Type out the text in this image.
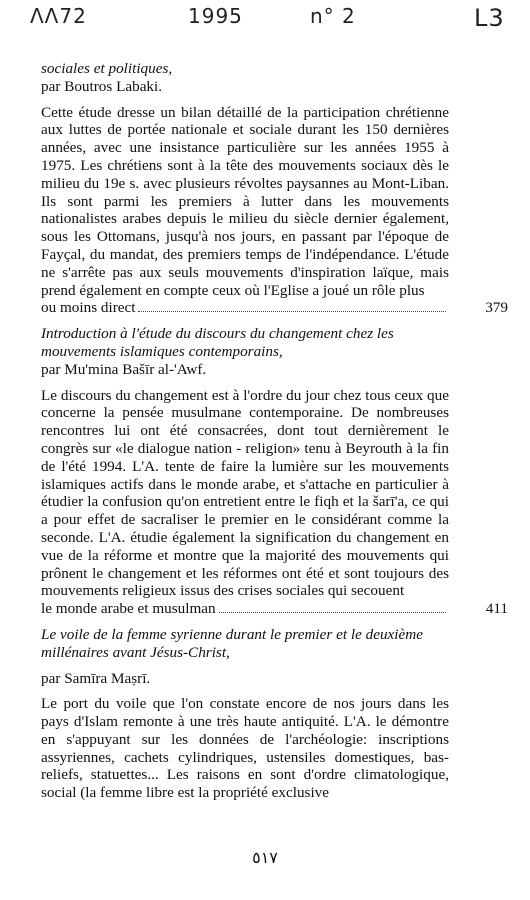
ΛΛ72	1995	n° 2	L3

sociales et politiques,

par Boutros Labaki.

Cette étude dresse un bilan détaillé de la participation chrétienne aux luttes de portée nationale et sociale durant les 150 dernières années, avec une insistance particulière sur les années 1955 à 1975. Les chrétiens sont à la tête des mouvements sociaux dès le milieu du 19e s. avec plusieurs révoltes paysannes au Mont-Liban. Ils sont parmi les premiers à lutter dans les mouvements nationalistes arabes depuis le milieu du siècle dernier également, sous les Ottomans, jusqu'à nos jours, en passant par l'époque de Fayçal, du mandat, des premiers temps de l'indépendance. L'étude ne s'arrête pas aux seuls mouvements d'inspiration laïque, mais prend également en compte ceux où l'Eglise a joué un rôle plus

ou moins direct	379

Introduction à l'étude du discours du changement chez les mouvements islamiques contemporains,

par Mu'mina Bašīr al-'Awf.

Le discours du changement est à l'ordre du jour chez tous ceux que concerne la pensée musulmane contemporaine. De nombreuses rencontres lui ont été consacrées, dont tout dernièrement le congrès sur «le dialogue nation - religion» tenu à Beyrouth à la fin de l'été 1994. L'A. tente de faire la lumière sur les mouvements islamiques actifs dans le monde arabe, et s'attache en particulier à étudier la confusion qu'on entretient entre le fiqh et la šarī'a, ce qui a pour effet de sacraliser le premier en le considérant comme la seconde. L'A. étudie également la signification du changement en vue de la réforme et montre que la majorité des mouvements qui prônent le changement et les réformes ont été et sont toujours des mouvements religieux issus des crises sociales qui secouent

le monde arabe et musulman	411

Le voile de la femme syrienne durant le premier et le deuxième millénaires avant Jésus-Christ,

par Samīra Maṣrī.

Le port du voile que l'on constate encore de nos jours dans les pays d'Islam remonte à une très haute antiquité. L'A. le démontre en s'appuyant sur les données de l'archéologie: inscriptions assyriennes, cachets cylindriques, ustensiles domestiques, bas-reliefs, statuettes... Les raisons en sont d'ordre climatologique, social (la femme libre est la propriété exclusive

٥١٧
